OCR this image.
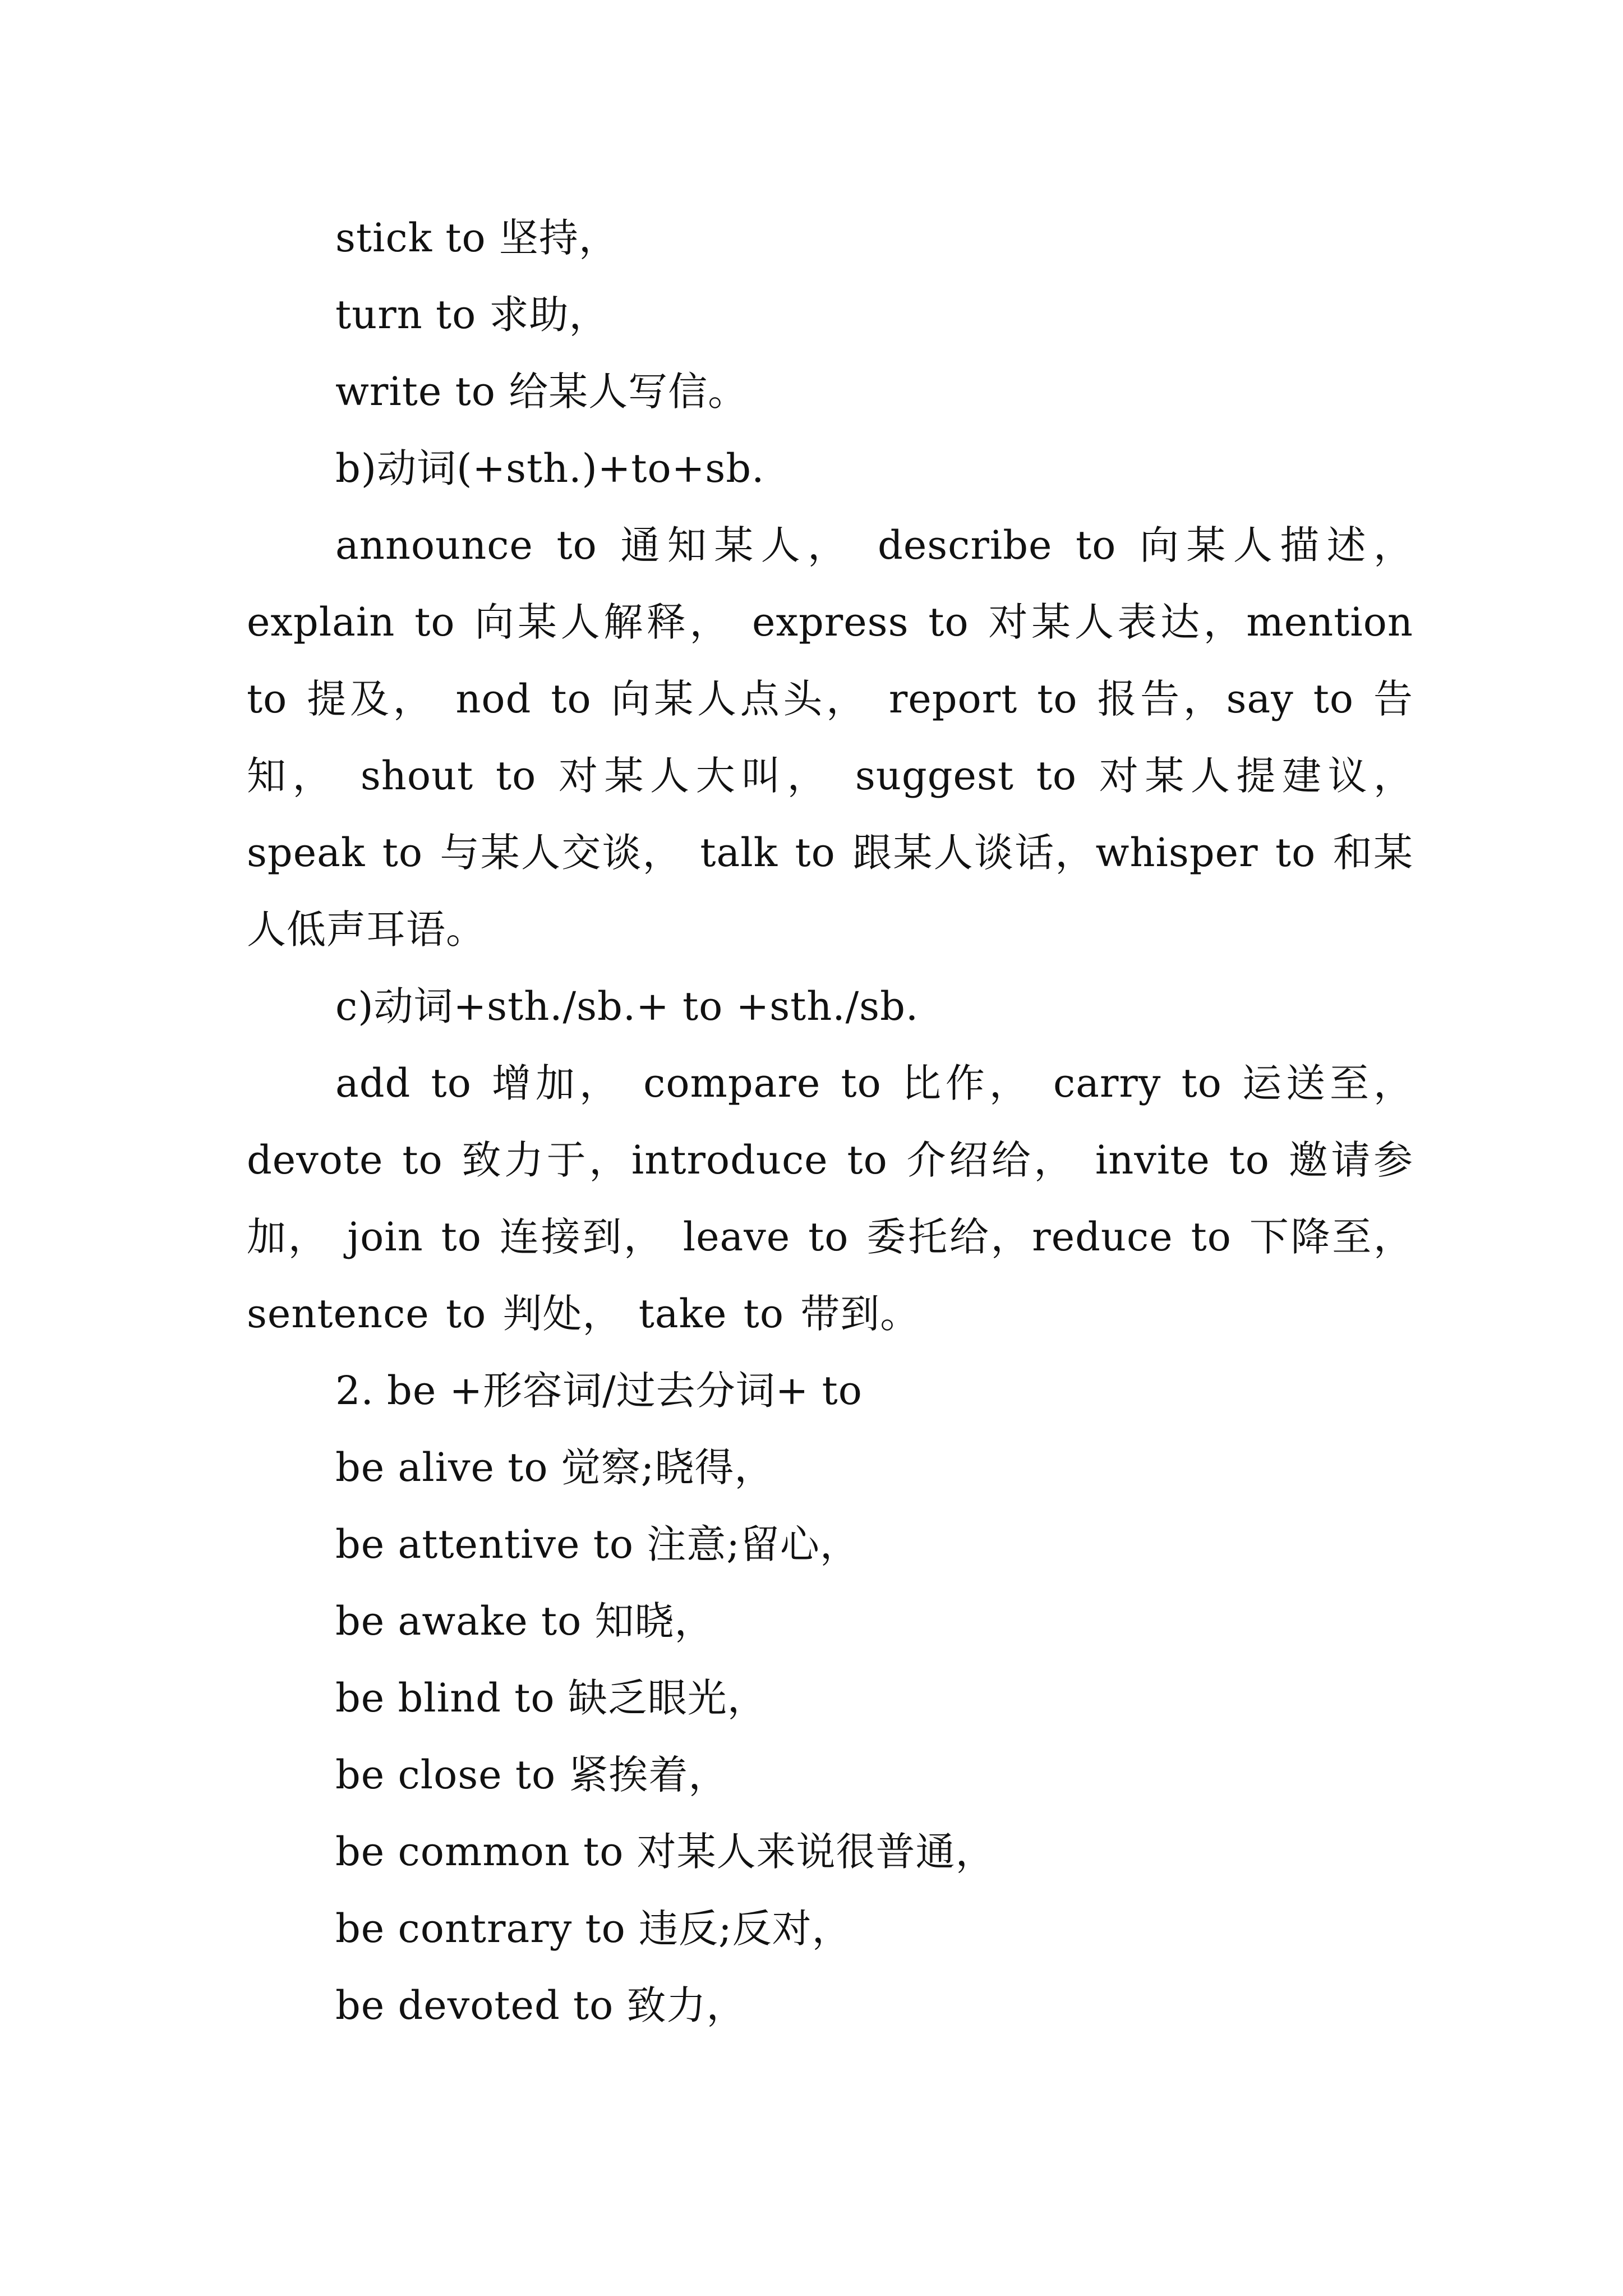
stick to 坚持，
turn to 求助，
write to 给某人写信。
b)动词(+sth.)+to+sb.
announce to 通知某人， describe to 向某人描述，explain to 向某人解释， express to 对某人表达，mention to 提及， nod to 向某人点头， report to 报告，say to 告知， shout to 对某人大叫， suggest to 对某人提建议，speak to 与某人交谈， talk to 跟某人谈话，whisper to 和某人低声耳语。
c)动词+sth./sb.+ to +sth./sb.
add to 增加， compare to 比作， carry to 运送至，devote to 致力于，introduce to 介绍给， invite to 邀请参加， join to 连接到， leave to 委托给，reduce to 下降至， sentence to 判处， take to 带到。
2. be +形容词/过去分词+ to
be alive to 觉察;晓得，
be attentive to 注意;留心，
be awake to 知晓，
be blind to 缺乏眼光，
be close to 紧挨着，
be common to 对某人来说很普通，
be contrary to 违反;反对，
be devoted to 致力，
